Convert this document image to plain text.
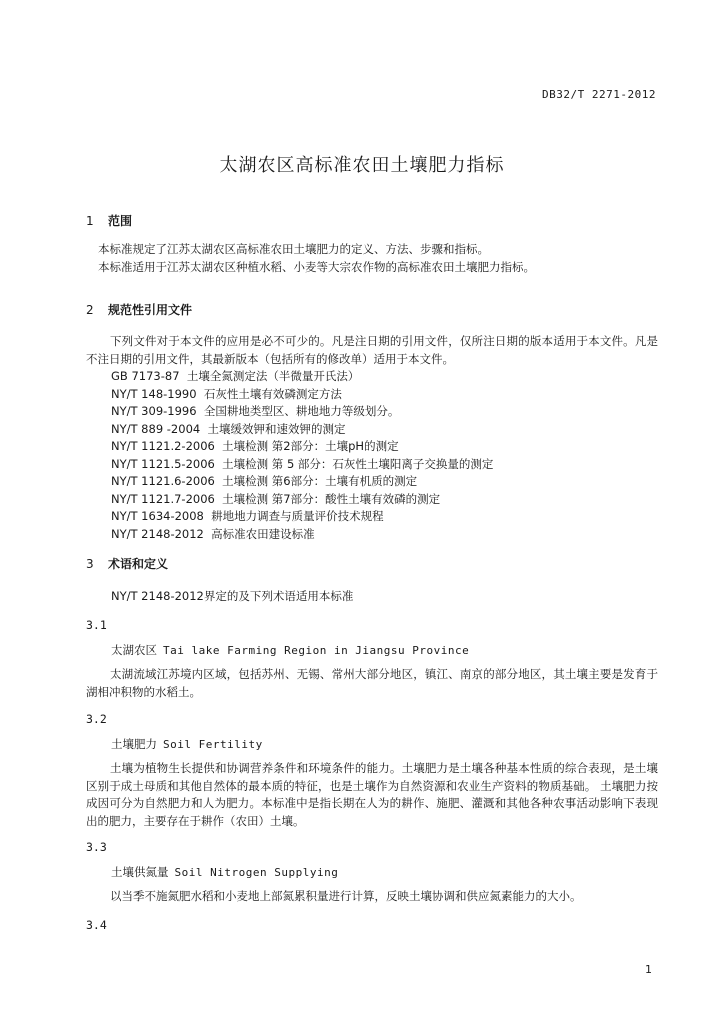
DB32/T 2271-2012
太湖农区高标准农田土壤肥力指标
1 范围
本标准规定了江苏太湖农区高标准农田土壤肥力的定义、方法、步骤和指标。
本标准适用于江苏太湖农区种植水稻、小麦等大宗农作物的高标准农田土壤肥力指标。
2 规范性引用文件
下列文件对于本文件的应用是必不可少的。凡是注日期的引用文件，仅所注日期的版本适用于本文件。凡是不注日期的引用文件，其最新版本（包括所有的修改单）适用于本文件。
GB 7173-87  土壤全氮测定法（半微量开氏法）
NY/T 148-1990  石灰性土壤有效磷测定方法
NY/T 309-1996  全国耕地类型区、耕地地力等级划分。
NY/T 889 -2004  土壤缓效钾和速效钾的测定
NY/T 1121.2-2006  土壤检测 第2部分：土壤pH的测定
NY/T 1121.5-2006  土壤检测 第 5 部分：石灰性土壤阳离子交换量的测定
NY/T 1121.6-2006  土壤检测 第6部分：土壤有机质的测定
NY/T 1121.7-2006  土壤检测 第7部分：酸性土壤有效磷的测定
NY/T 1634-2008  耕地地力调查与质量评价技术规程
NY/T 2148-2012  高标准农田建设标准
3 术语和定义
NY/T 2148-2012界定的及下列术语适用本标准
3.1
太湖农区 Tai lake Farming Region in Jiangsu Province
太湖流域江苏境内区域，包括苏州、无锡、常州大部分地区，镇江、南京的部分地区，其土壤主要是发育于湖相冲积物的水稻土。
3.2
土壤肥力 Soil Fertility
土壤为植物生长提供和协调营养条件和环境条件的能力。土壤肥力是土壤各种基本性质的综合表现，是土壤区别于成土母质和其他自然体的最本质的特征，也是土壤作为自然资源和农业生产资料的物质基础。 土壤肥力按成因可分为自然肥力和人为肥力。本标准中是指长期在人为的耕作、施肥、灌溉和其他各种农事活动影响下表现出的肥力，主要存在于耕作（农田）土壤。
3.3
土壤供氮量 Soil Nitrogen Supplying
以当季不施氮肥水稻和小麦地上部氮累积量进行计算，反映土壤协调和供应氮素能力的大小。
3.4
1
